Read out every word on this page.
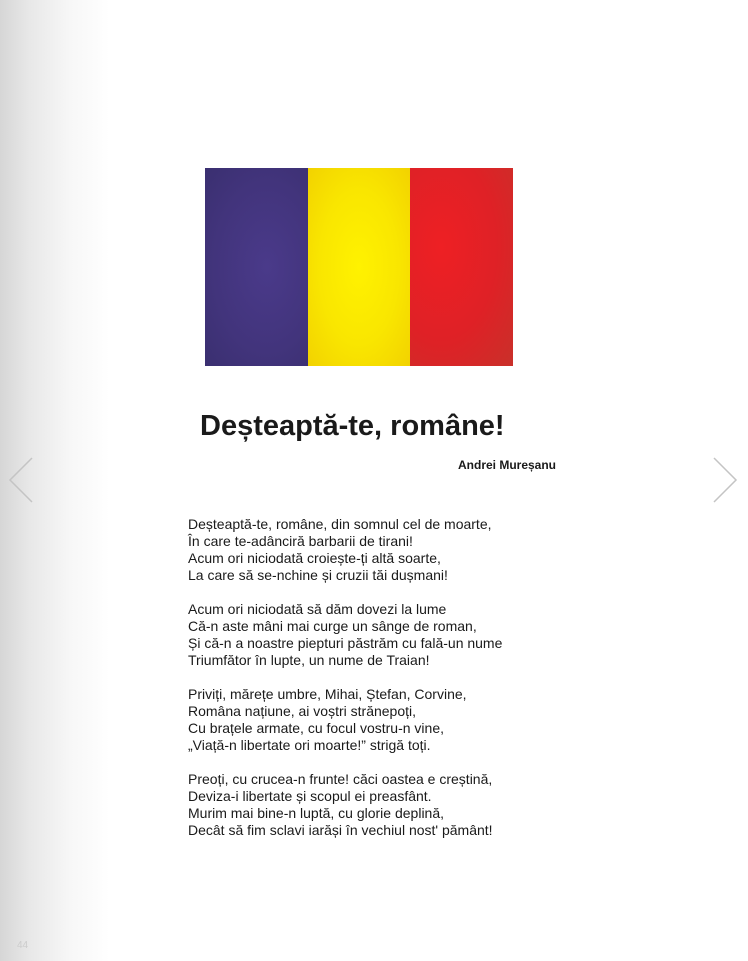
Deșteaptă-te, române!
Andrei Mureșanu
Deșteaptă-te, române, din somnul cel de moarte,
În care te-adânciră barbarii de tirani!
Acum ori niciodată croiește-ți altă soarte,
La care să se-nchine și cruzii tăi dușmani!
Acum ori niciodată să dăm dovezi la lume
Că-n aste mâni mai curge un sânge de roman,
Și că-n a noastre piepturi păstrăm cu fală-un nume
Triumfător în lupte, un nume de Traian!
Priviți, mărețe umbre, Mihai, Ștefan, Corvine,
Româna națiune, ai voștri strănepoți,
Cu brațele armate, cu focul vostru-n vine,
„Viață-n libertate ori moarte!” strigă toți.
Preoți, cu crucea-n frunte! căci oastea e creștină,
Deviza-i libertate și scopul ei preasfânt.
Murim mai bine-n luptă, cu glorie deplină,
Decât să fim sclavi iarăși în vechiul nost' pământ!
44
